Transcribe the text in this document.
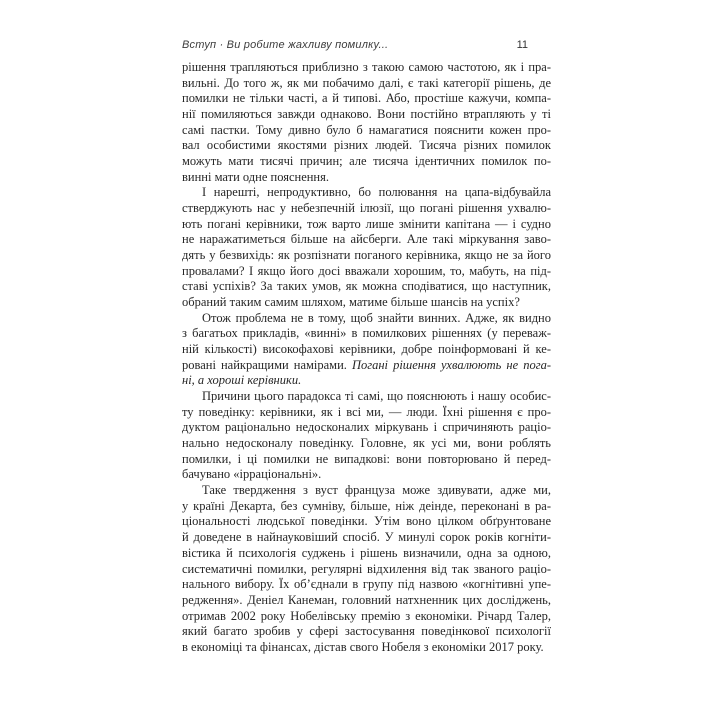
Вступ · Ви робите жахливу помилку...	11
рішення трапляються приблизно з такою самою частотою, як і пра-
вильні. До того ж, як ми побачимо далі, є такі категорії рішень, де
помилки не тільки часті, а й типові. Або, простіше кажучи, компа-
нії помиляються завжди однаково. Вони постійно втрапляють у ті
самі пастки. Тому дивно було б намагатися пояснити кожен про-
вал особистими якостями різних людей. Тисяча різних помилок
можуть мати тисячі причин; але тисяча ідентичних помилок по-
винні мати одне пояснення.
І нарешті, непродуктивно, бо полювання на цапа-відбувайла
стверджують нас у небезпечній ілюзії, що погані рішення ухвалю-
ють погані керівники, тож варто лише змінити капітана — і судно
не наражатиметься більше на айсберги. Але такі міркування заво-
дять у безвихідь: як розпізнати поганого керівника, якщо не за його
провалами? І якщо його досі вважали хорошим, то, мабуть, на під-
ставі успіхів? За таких умов, як можна сподіватися, що наступник,
обраний таким самим шляхом, матиме більше шансів на успіх?
Отож проблема не в тому, щоб знайти винних. Адже, як видно
з багатьох прикладів, «винні» в помилкових рішеннях (у переваж-
ній кількості) високофахові керівники, добре поінформовані й ке-
ровані найкращими намірами. Погані рішення ухвалюють не пога-
ні, а хороші керівники.
Причини цього парадокса ті самі, що пояснюють і нашу особис-
ту поведінку: керівники, як і всі ми, — люди. Їхні рішення є про-
дуктом раціонально недосконалих міркувань і спричиняють раціо-
нально недосконалу поведінку. Головне, як усі ми, вони роблять
помилки, і ці помилки не випадкові: вони повторювано й перед-
бачувано «ірраціональні».
Таке твердження з вуст француза може здивувати, адже ми,
у країні Декарта, без сумніву, більше, ніж деінде, переконані в ра-
ціональності людської поведінки. Утім воно цілком обґрунтоване
й доведене в найнауковіший спосіб. У минулі сорок років когніти-
вістика й психологія суджень і рішень визначили, одна за одною,
систематичні помилки, регулярні відхилення від так званого раціо-
нального вибору. Їх об’єднали в групу під назвою «когнітивні упе-
редження». Деніел Канеман, головний натхненник цих досліджень,
отримав 2002 року Нобелівську премію з економіки. Річард Талер,
який багато зробив у сфері застосування поведінкової психології
в економіці та фінансах, дістав свого Нобеля з економіки 2017 року.
